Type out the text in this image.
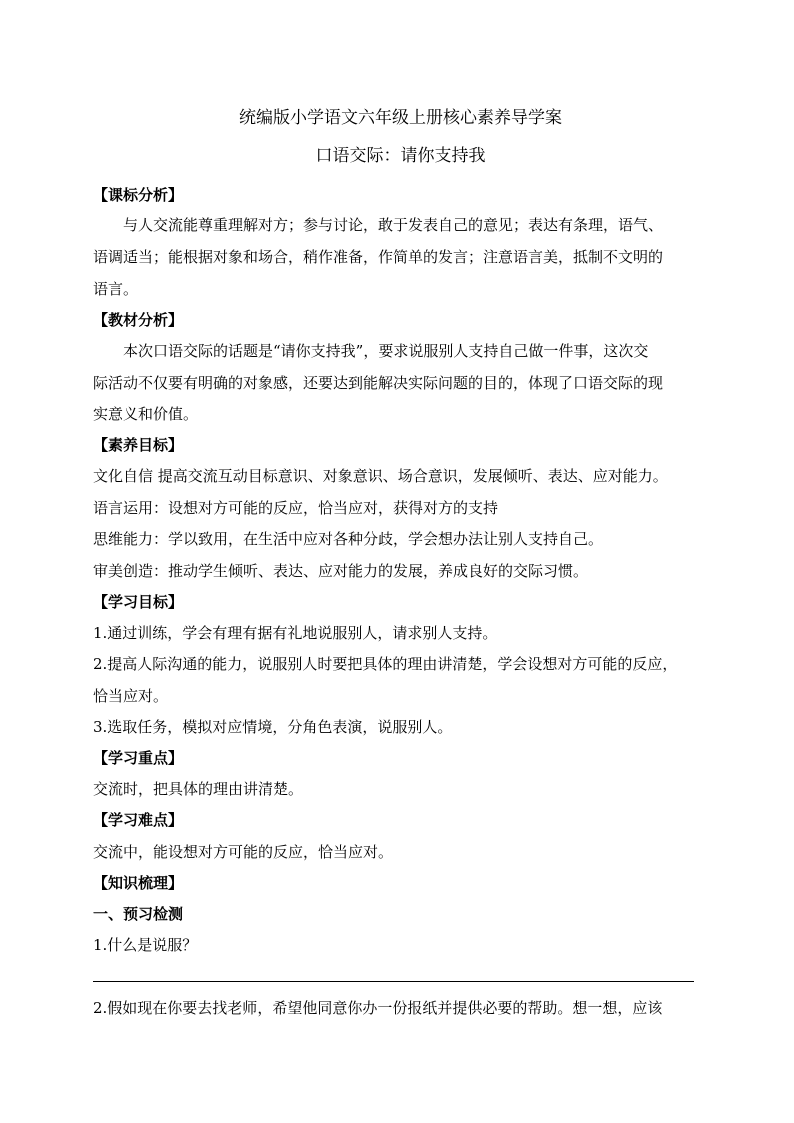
统编版小学语文六年级上册核心素养导学案
口语交际：请你支持我
【课标分析】
与人交流能尊重理解对方；参与讨论，敢于发表自己的意见；表达有条理，语气、
语调适当；能根据对象和场合，稍作准备，作简单的发言；注意语言美，抵制不文明的
语言。
【教材分析】
本次口语交际的话题是“请你支持我”，要求说服别人支持自己做一件事，这次交
际活动不仅要有明确的对象感，还要达到能解决实际问题的目的，体现了口语交际的现
实意义和价值。
【素养目标】
文化自信 提高交流互动目标意识、对象意识、场合意识，发展倾听、表达、应对能力。
语言运用：设想对方可能的反应，恰当应对，获得对方的支持
思维能力：学以致用，在生活中应对各种分歧，学会想办法让别人支持自己。
审美创造：推动学生倾听、表达、应对能力的发展，养成良好的交际习惯。
【学习目标】
1.通过训练，学会有理有据有礼地说服别人，请求别人支持。
2.提高人际沟通的能力，说服别人时要把具体的理由讲清楚，学会设想对方可能的反应，
恰当应对。
3.选取任务，模拟对应情境，分角色表演，说服别人。
【学习重点】
交流时，把具体的理由讲清楚。
【学习难点】
交流中，能设想对方可能的反应，恰当应对。
【知识梳理】
一、预习检测
1.什么是说服？
2.假如现在你要去找老师，希望他同意你办一份报纸并提供必要的帮助。想一想，应该
